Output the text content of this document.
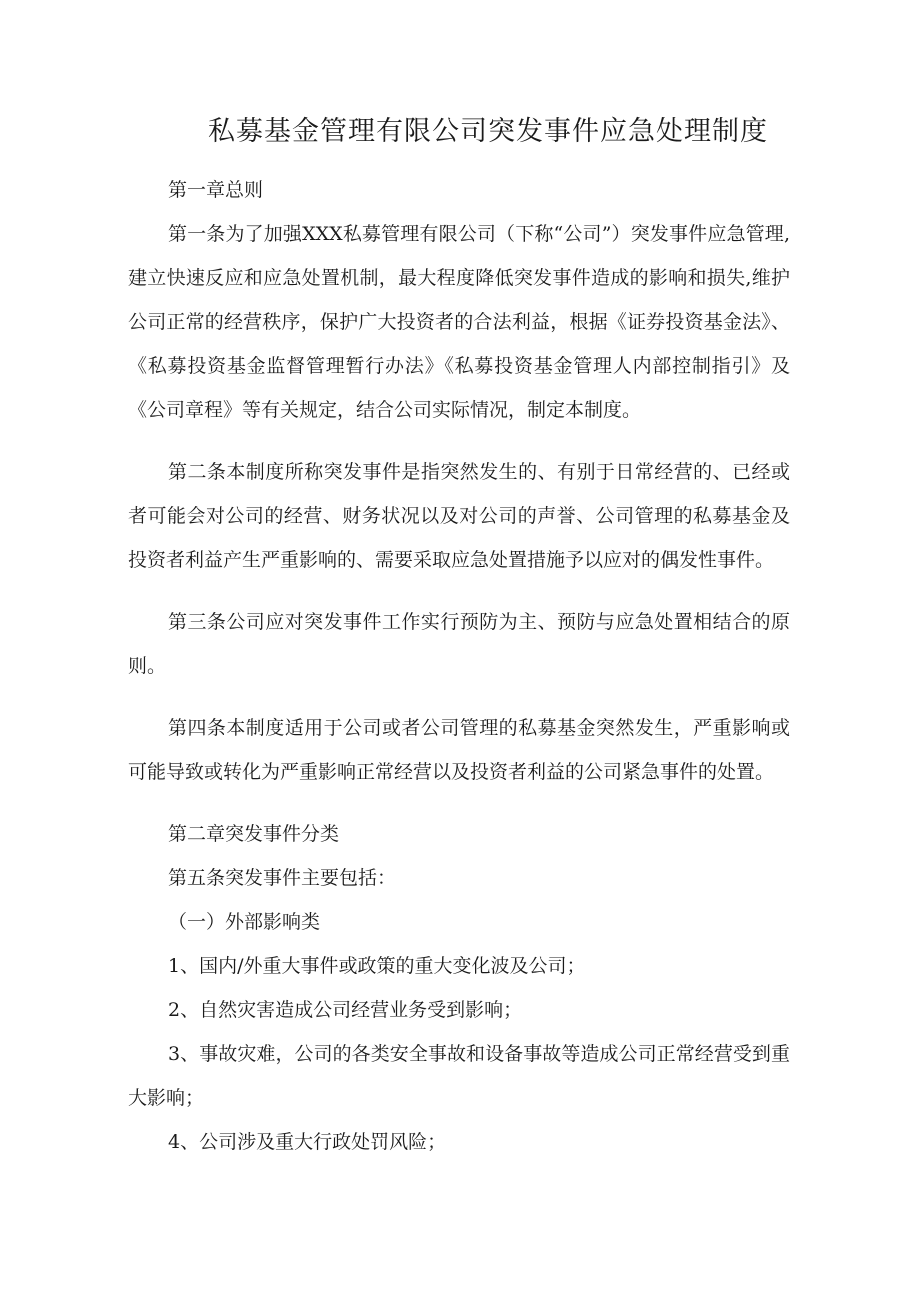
私募基金管理有限公司突发事件应急处理制度

第一章总则

第一条为了加强XXX私募管理有限公司（下称“公司”）突发事件应急管理,建立快速反应和应急处置机制，最大程度降低突发事件造成的影响和损失,维护公司正常的经营秩序，保护广大投资者的合法利益，根据《证券投资基金法》、《私募投资基金监督管理暂行办法》《私募投资基金管理人内部控制指引》及《公司章程》等有关规定，结合公司实际情况，制定本制度。

第二条本制度所称突发事件是指突然发生的、有别于日常经营的、已经或者可能会对公司的经营、财务状况以及对公司的声誉、公司管理的私募基金及投资者利益产生严重影响的、需要采取应急处置措施予以应对的偶发性事件。

第三条公司应对突发事件工作实行预防为主、预防与应急处置相结合的原则。

第四条本制度适用于公司或者公司管理的私募基金突然发生，严重影响或可能导致或转化为严重影响正常经营以及投资者利益的公司紧急事件的处置。

第二章突发事件分类

第五条突发事件主要包括：

（一）外部影响类

1、国内/外重大事件或政策的重大变化波及公司；

2、自然灾害造成公司经营业务受到影响；

3、事故灾难，公司的各类安全事故和设备事故等造成公司正常经营受到重大影响；

4、公司涉及重大行政处罚风险；
